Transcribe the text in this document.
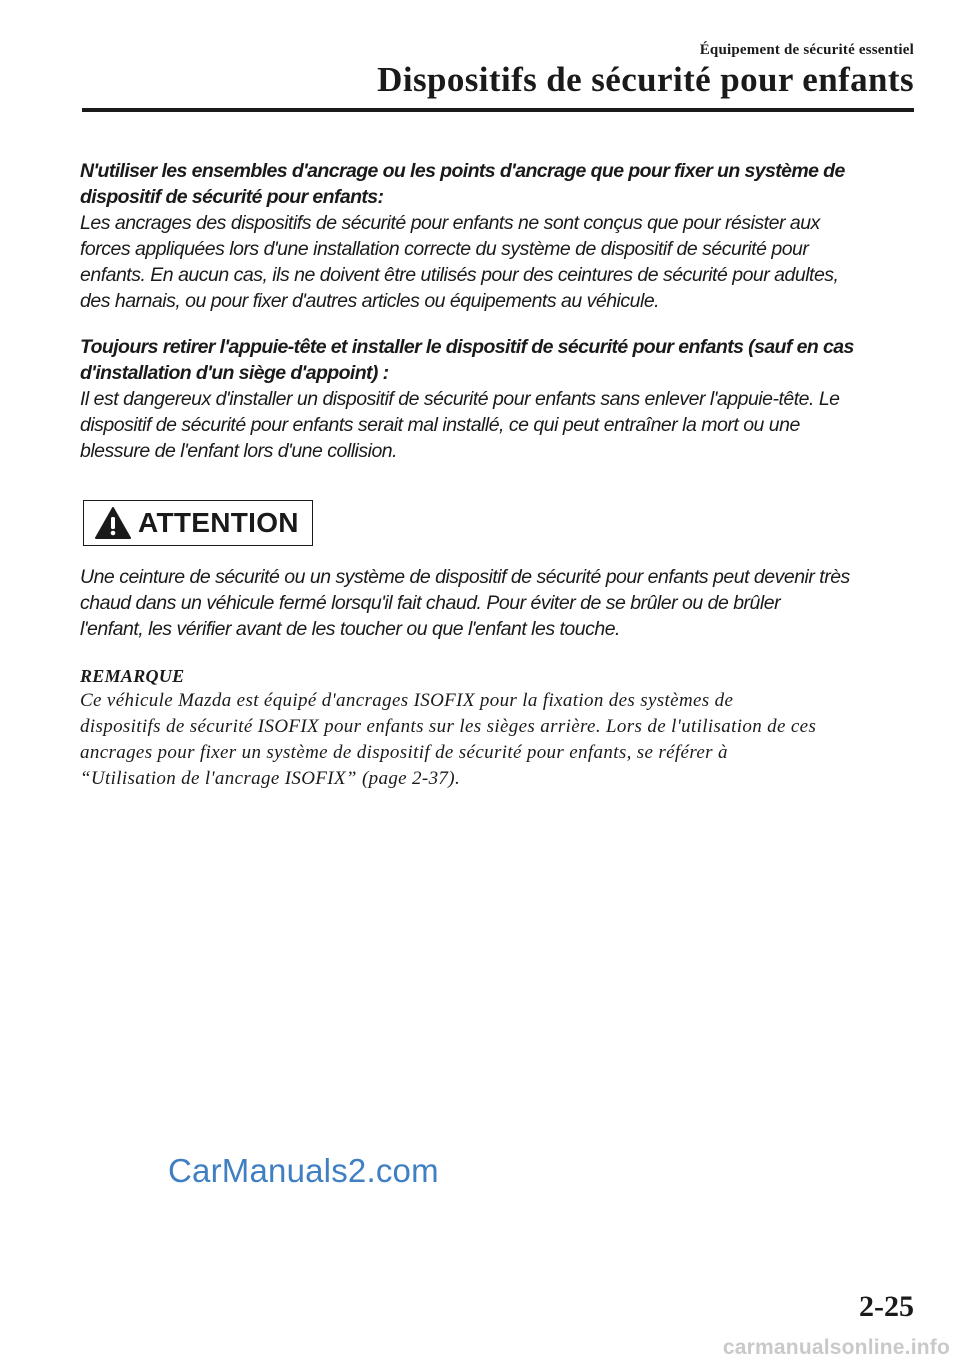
Équipement de sécurité essentiel
Dispositifs de sécurité pour enfants

N'utiliser les ensembles d'ancrage ou les points d'ancrage que pour fixer un système de

dispositif de sécurité pour enfants:

Les ancrages des dispositifs de sécurité pour enfants ne sont conçus que pour résister aux

forces appliquées lors d'une installation correcte du système de dispositif de sécurité pour

enfants. En aucun cas, ils ne doivent être utilisés pour des ceintures de sécurité pour adultes,

des harnais, ou pour fixer d'autres articles ou équipements au véhicule.

Toujours retirer l'appuie-tête et installer le dispositif de sécurité pour enfants (sauf en cas

d'installation d'un siège d'appoint) :

Il est dangereux d'installer un dispositif de sécurité pour enfants sans enlever l'appuie-tête. Le

dispositif de sécurité pour enfants serait mal installé, ce qui peut entraîner la mort ou une

blessure de l'enfant lors d'une collision.

ATTENTION

Une ceinture de sécurité ou un système de dispositif de sécurité pour enfants peut devenir très

chaud dans un véhicule fermé lorsqu'il fait chaud. Pour éviter de se brûler ou de brûler

l'enfant, les vérifier avant de les toucher ou que l'enfant les touche.

REMARQUE

Ce véhicule Mazda est équipé d'ancrages ISOFIX pour la fixation des systèmes de

dispositifs de sécurité ISOFIX pour enfants sur les sièges arrière. Lors de l'utilisation de ces

ancrages pour fixer un système de dispositif de sécurité pour enfants, se référer à

“Utilisation de l'ancrage ISOFIX” (page 2-37).

CarManuals2.com
2-25
carmanualsonline.info
